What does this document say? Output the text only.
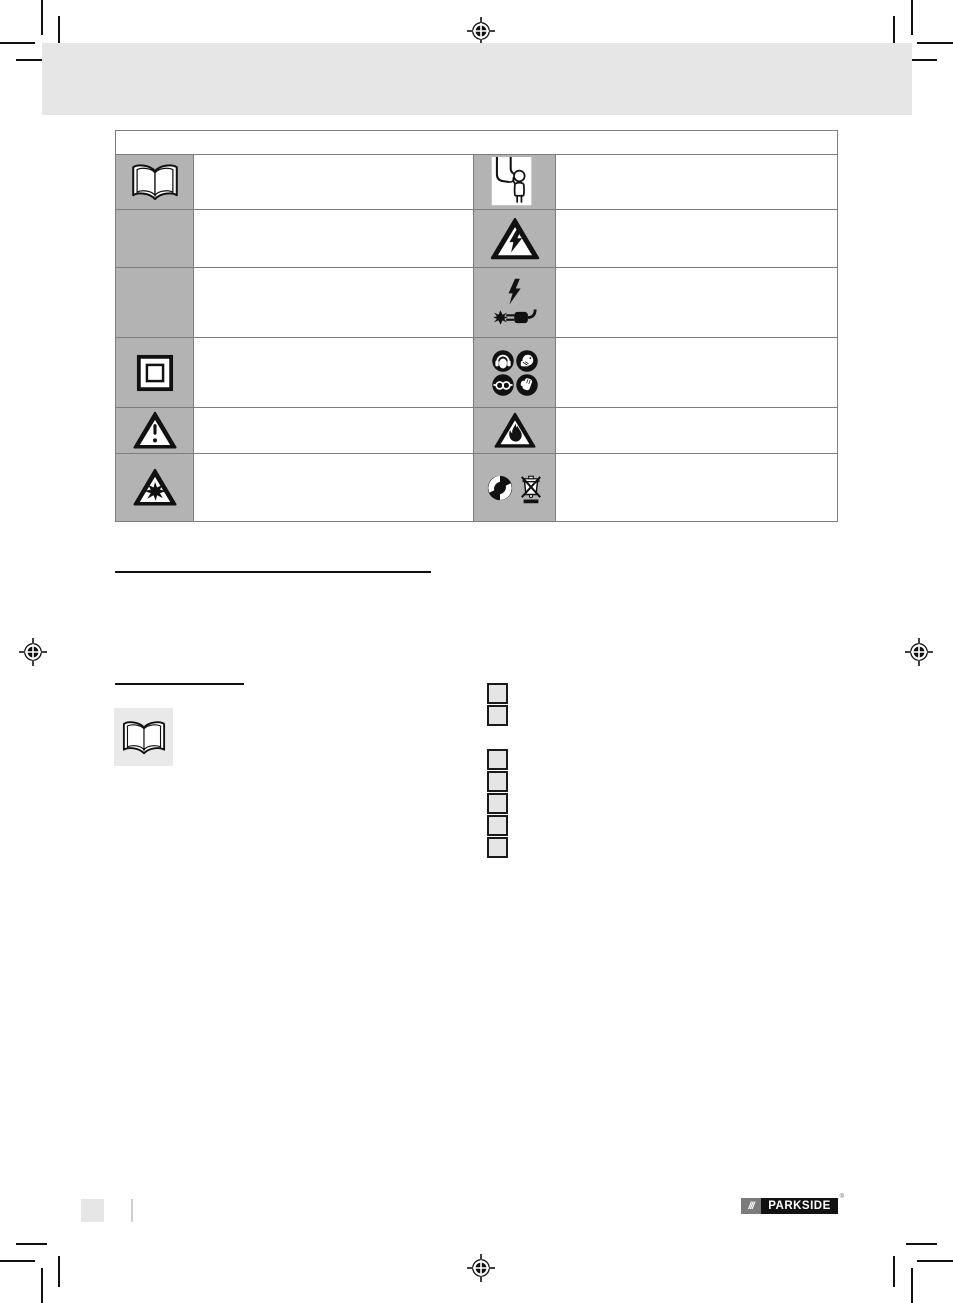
///	PARKSIDE
®
